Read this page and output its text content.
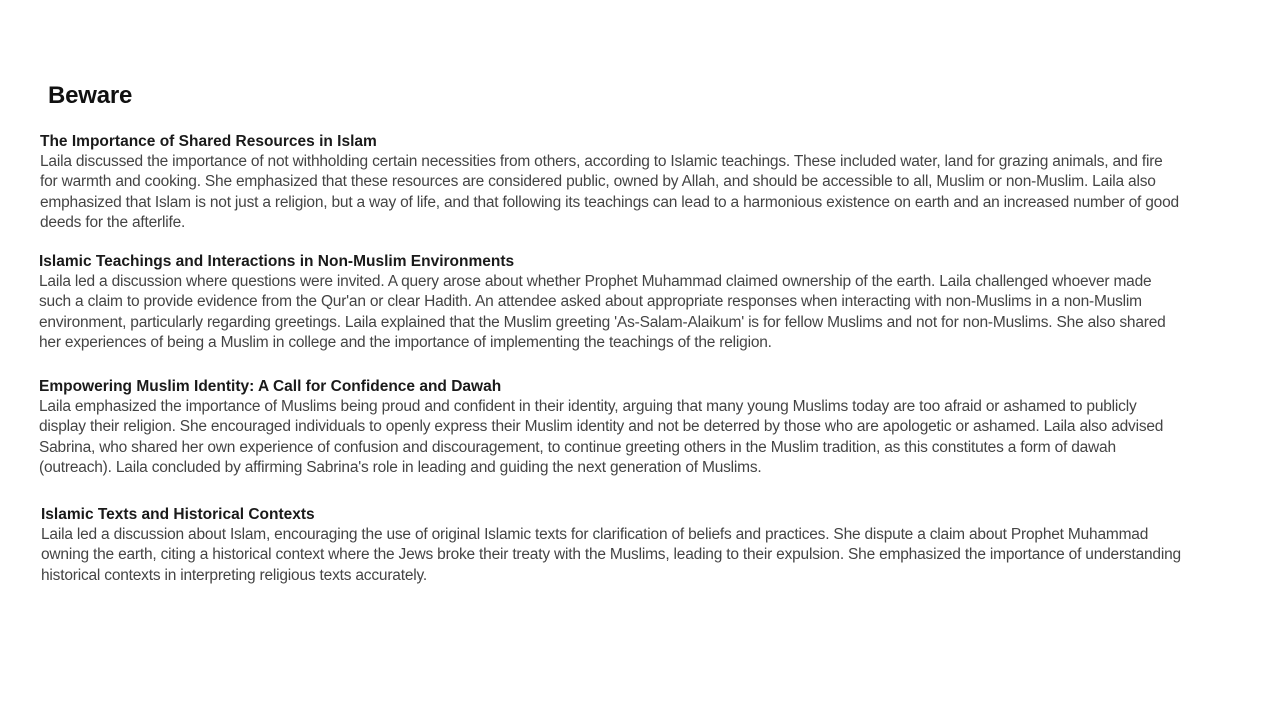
Beware
The Importance of Shared Resources in Islam

Laila discussed the importance of not withholding certain necessities from others, according to Islamic teachings. These included water, land for grazing animals, and fire for warmth and cooking. She emphasized that these resources are considered public, owned by Allah, and should be accessible to all, Muslim or non-Muslim. Laila also emphasized that Islam is not just a religion, but a way of life, and that following its teachings can lead to a harmonious existence on earth and an increased number of good deeds for the afterlife.

Islamic Teachings and Interactions in Non-Muslim Environments

Laila led a discussion where questions were invited. A query arose about whether Prophet Muhammad claimed ownership of the earth. Laila challenged whoever made such a claim to provide evidence from the Qur'an or clear Hadith. An attendee asked about appropriate responses when interacting with non-Muslims in a non-Muslim environment, particularly regarding greetings. Laila explained that the Muslim greeting 'As-Salam-Alaikum' is for fellow Muslims and not for non-Muslims. She also shared her experiences of being a Muslim in college and the importance of implementing the teachings of the religion.

Empowering Muslim Identity: A Call for Confidence and Dawah

Laila emphasized the importance of Muslims being proud and confident in their identity, arguing that many young Muslims today are too afraid or ashamed to publicly display their religion. She encouraged individuals to openly express their Muslim identity and not be deterred by those who are apologetic or ashamed. Laila also advised Sabrina, who shared her own experience of confusion and discouragement, to continue greeting others in the Muslim tradition, as this constitutes a form of dawah (outreach). Laila concluded by affirming Sabrina's role in leading and guiding the next generation of Muslims.

Islamic Texts and Historical Contexts

Laila led a discussion about Islam, encouraging the use of original Islamic texts for clarification of beliefs and practices. She dispute a claim about Prophet Muhammad owning the earth, citing a historical context where the Jews broke their treaty with the Muslims, leading to their expulsion. She emphasized the importance of understanding historical contexts in interpreting religious texts accurately.
